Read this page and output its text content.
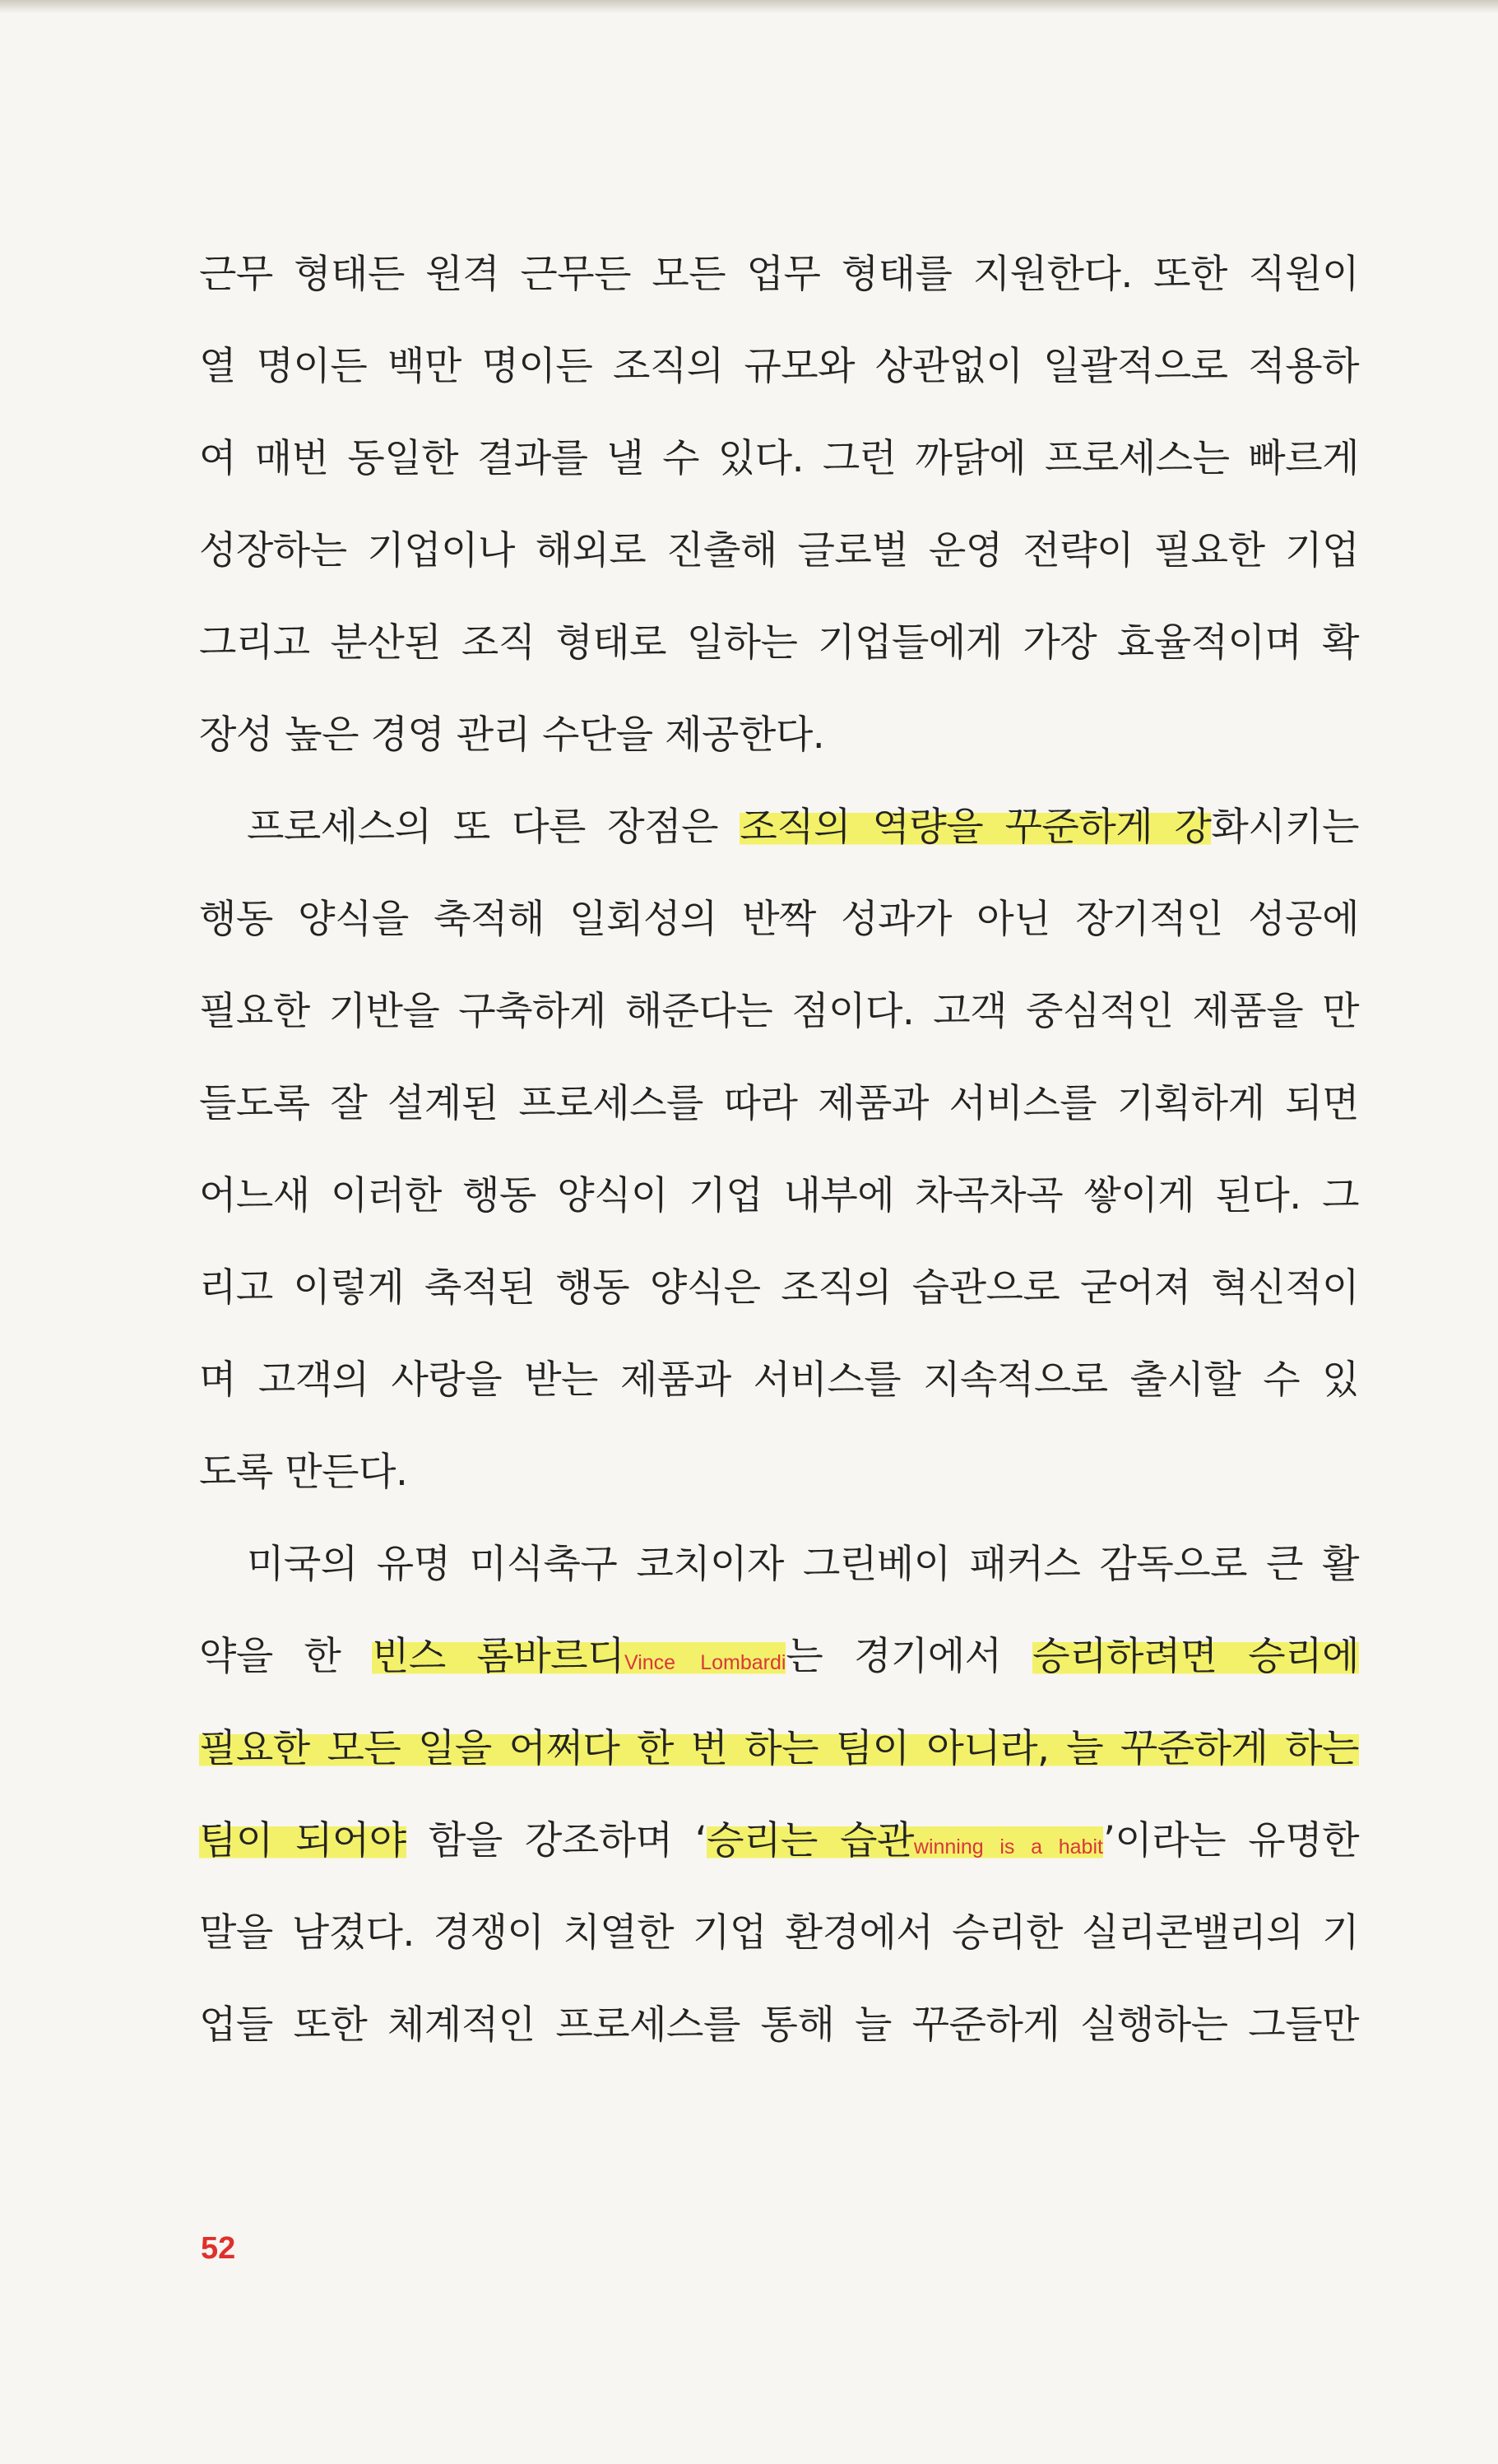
근무 형태든 원격 근무든 모든 업무 형태를 지원한다. 또한 직원이
열 명이든 백만 명이든 조직의 규모와 상관없이 일괄적으로 적용하
여 매번 동일한 결과를 낼 수 있다. 그런 까닭에 프로세스는 빠르게
성장하는 기업이나 해외로 진출해 글로벌 운영 전략이 필요한 기업
그리고 분산된 조직 형태로 일하는 기업들에게 가장 효율적이며 확
장성 높은 경영 관리 수단을 제공한다.
프로세스의 또 다른 장점은 조직의 역량을 꾸준하게 강화시키는
행동 양식을 축적해 일회성의 반짝 성과가 아닌 장기적인 성공에
필요한 기반을 구축하게 해준다는 점이다. 고객 중심적인 제품을 만
들도록 잘 설계된 프로세스를 따라 제품과 서비스를 기획하게 되면
어느새 이러한 행동 양식이 기업 내부에 차곡차곡 쌓이게 된다. 그
리고 이렇게 축적된 행동 양식은 조직의 습관으로 굳어져 혁신적이
며 고객의 사랑을 받는 제품과 서비스를 지속적으로 출시할 수 있
도록 만든다.
미국의 유명 미식축구 코치이자 그린베이 패커스 감독으로 큰 활
약을 한 빈스 롬바르디Vince Lombardi는 경기에서 승리하려면 승리에
필요한 모든 일을 어쩌다 한 번 하는 팀이 아니라, 늘 꾸준하게 하는
팀이 되어야 함을 강조하며 ‘승리는 습관winning is a habit’이라는 유명한
말을 남겼다. 경쟁이 치열한 기업 환경에서 승리한 실리콘밸리의 기
업들 또한 체계적인 프로세스를 통해 늘 꾸준하게 실행하는 그들만
52
